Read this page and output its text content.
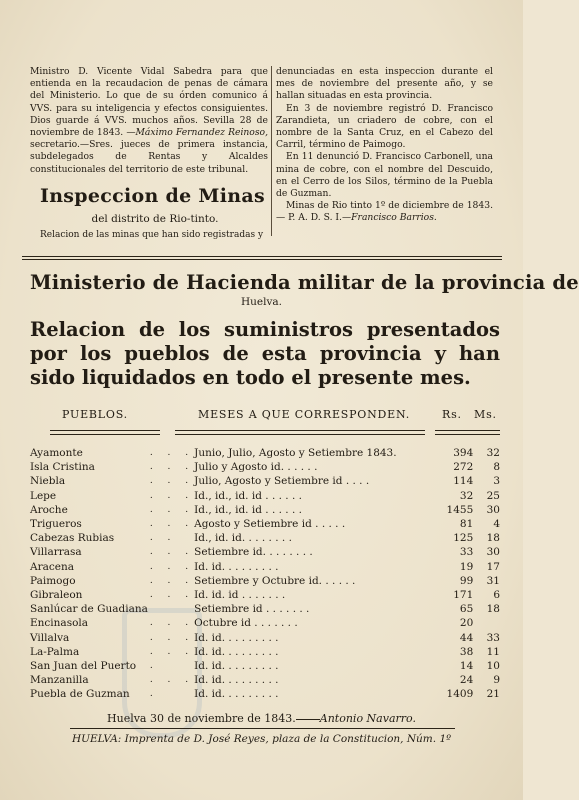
Ministro D. Vicente Vidal Sabedra para que entienda en la recaudacion de penas de cámara del Ministerio. Lo que de su órden comunico á VVS. para su inteligencia y efectos consiguientes. Dios guarde á VVS. muchos años. Sevilla 28 de noviembre de 1843. —Máximo Fernandez Reinoso, secretario.—Sres. jueces de primera instancia, subdelegados de Rentas y Alcaldes constitucionales del territorio de este tribunal.

denunciadas en esta inspeccion durante el mes de noviembre del presente año, y se hallan situadas en esta provincia.

En 3 de noviembre registró D. Francisco Zarandieta, un criadero de cobre, con el nombre de la Santa Cruz, en el Cabezo del Carril, término de Paimogo.

En 11 denunció D. Francisco Carbonell, una mina de cobre, con el nombre del Descuido, en el Cerro de los Silos, término de la Puebla de Guzman.

Minas de Rio tinto 1º de diciembre de 1843.— P. A. D. S. I.—Francisco Barrios.

Inspeccion de Minas
del distrito de Rio-tinto.
Relacion de las minas que han sido registradas y
Ministerio de Hacienda militar de la provincia de
Huelva.
Relacion de los suministros presentados por los pueblos de esta provincia y han sido liquidados en todo el presente mes.
PUEBLOS.	MESES A QUE CORRESPONDEN.	Rs. Ms.
Ayamonte	. . .	Junio, Julio, Agosto y Setiembre 1843.	394	32
Isla Cristina	. . .	Julio y Agosto id. . . . . .	272	8
Niebla	. . .	Julio, Agosto y Setiembre id . . . .	114	3
Lepe	. . .	Id., id., id. id . . . . . .	32	25
Aroche	. . .	Id., id., id. id . . . . . .	1455	30
Trigueros	. . .	Agosto y Setiembre id . . . . .	81	4
Cabezas Rubias	. .	Id., id. id. . . . . . . .	125	18
Villarrasa	. . .	Setiembre id. . . . . . . .	33	30
Aracena	. . .	Id. id. . . . . . . . .	19	17
Paimogo	. . .	Setiembre y Octubre id. . . . . .	99	31
Gibraleon	. . .	Id. id. id . . . . . . .	171	6
Sanlúcar de Guadiana		Setiembre id . . . . . . .	65	18
Encinasola	. . .	Octubre id . . . . . . .	20	
Villalva	. . .	Id. id. . . . . . . . .	44	33
La-Palma	. . .	Id. id. . . . . . . . .	38	11
San Juan del Puerto	.	Id. id. . . . . . . . .	14	10
Manzanilla	. . .	Id. id. . . . . . . . .	24	9
Puebla de Guzman	.	Id. id. . . . . . . . .	1409	21
Huelva 30 de noviembre de 1843. Antonio Navarro.
HUELVA: Imprenta de D. José Reyes, plaza de la Constitucion, Núm. 1º
